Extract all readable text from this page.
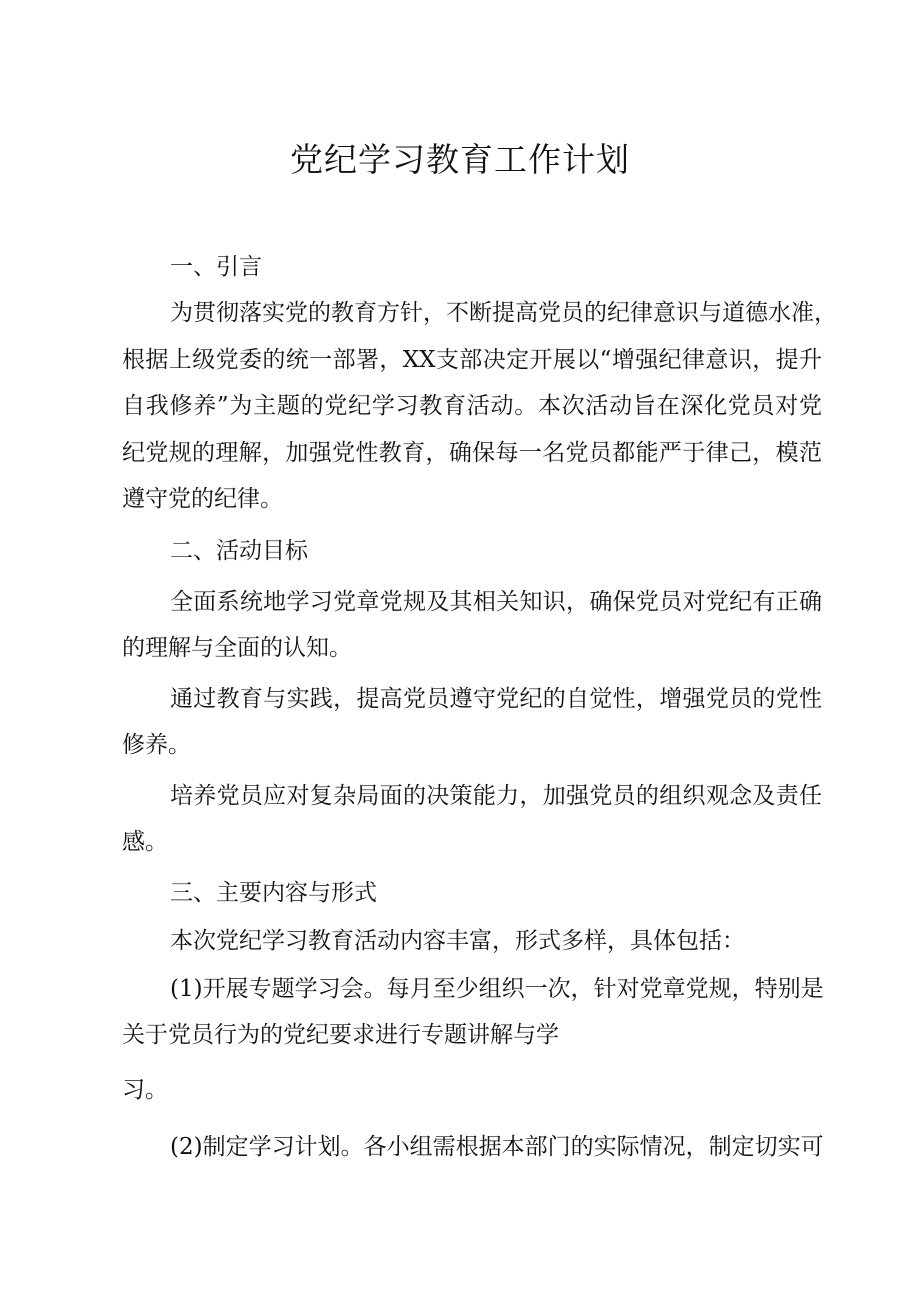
党纪学习教育工作计划
一、引言
为贯彻落实党的教育方针，不断提高党员的纪律意识与道德水准，
根据上级党委的统一部署，XX支部决定开展以“增强纪律意识，提升
自我修养”为主题的党纪学习教育活动。本次活动旨在深化党员对党
纪党规的理解，加强党性教育，确保每一名党员都能严于律己，模范
遵守党的纪律。
二、活动目标
全面系统地学习党章党规及其相关知识，确保党员对党纪有正确
的理解与全面的认知。
通过教育与实践，提高党员遵守党纪的自觉性，增强党员的党性
修养。
培养党员应对复杂局面的决策能力，加强党员的组织观念及责任
感。
三、主要内容与形式
本次党纪学习教育活动内容丰富，形式多样，具体包括：
(1)开展专题学习会。每月至少组织一次，针对党章党规，特别是
关于党员行为的党纪要求进行专题讲解与学
习。
(2)制定学习计划。各小组需根据本部门的实际情况，制定切实可
